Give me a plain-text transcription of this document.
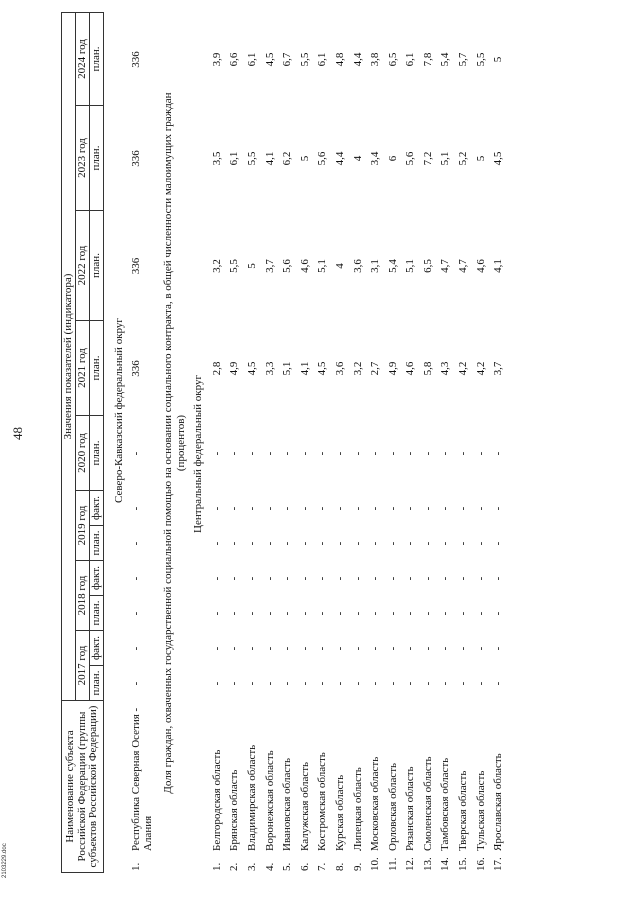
48
2103229.doc
Наименование субъекта Российской Федерации (группы субъектов Российской Федерации)	Значения показателей (индикатора)										
	2017 год		2018 год		2019 год		2020 год	2021 год	2022 год	2023 год	2024 год
	план.	факт.	план.	факт.	план.	факт.	план.	план.	план.	план.	план.
Северо-Кавказский федеральный округ
1.	Республика Северная Осетия - Алания	-	-	-	-	-	-	-	336	336	336	336
Доля граждан, охваченных государственной социальной помощью на основании социального контракта, в общей численности малоимущих граждан
(процентов) Центральный федеральный округ
1.	Белгородская область	-	-	-	-	-	-	-	2,8	3,2	3,5	3,9
2.	Брянская область	-	-	-	-	-	-	-	4,9	5,5	6,1	6,6
3.	Владимирская область	-	-	-	-	-	-	-	4,5	5	5,5	6,1
4.	Воронежская область	-	-	-	-	-	-	-	3,3	3,7	4,1	4,5
5.	Ивановская область	-	-	-	-	-	-	-	5,1	5,6	6,2	6,7
6.	Калужская область	-	-	-	-	-	-	-	4,1	4,6	5	5,5
7.	Костромская область	-	-	-	-	-	-	-	4,5	5,1	5,6	6,1
8.	Курская область	-	-	-	-	-	-	-	3,6	4	4,4	4,8
9.	Липецкая область	-	-	-	-	-	-	-	3,2	3,6	4	4,4
10.	Московская область	-	-	-	-	-	-	-	2,7	3,1	3,4	3,8
11.	Орловская область	-	-	-	-	-	-	-	4,9	5,4	6	6,5
12.	Рязанская область	-	-	-	-	-	-	-	4,6	5,1	5,6	6,1
13.	Смоленская область	-	-	-	-	-	-	-	5,8	6,5	7,2	7,8
14.	Тамбовская область	-	-	-	-	-	-	-	4,3	4,7	5,1	5,4
15.	Тверская область	-	-	-	-	-	-	-	4,2	4,7	5,2	5,7
16.	Тульская область	-	-	-	-	-	-	-	4,2	4,6	5	5,5
17.	Ярославская область	-	-	-	-	-	-	-	3,7	4,1	4,5	5
